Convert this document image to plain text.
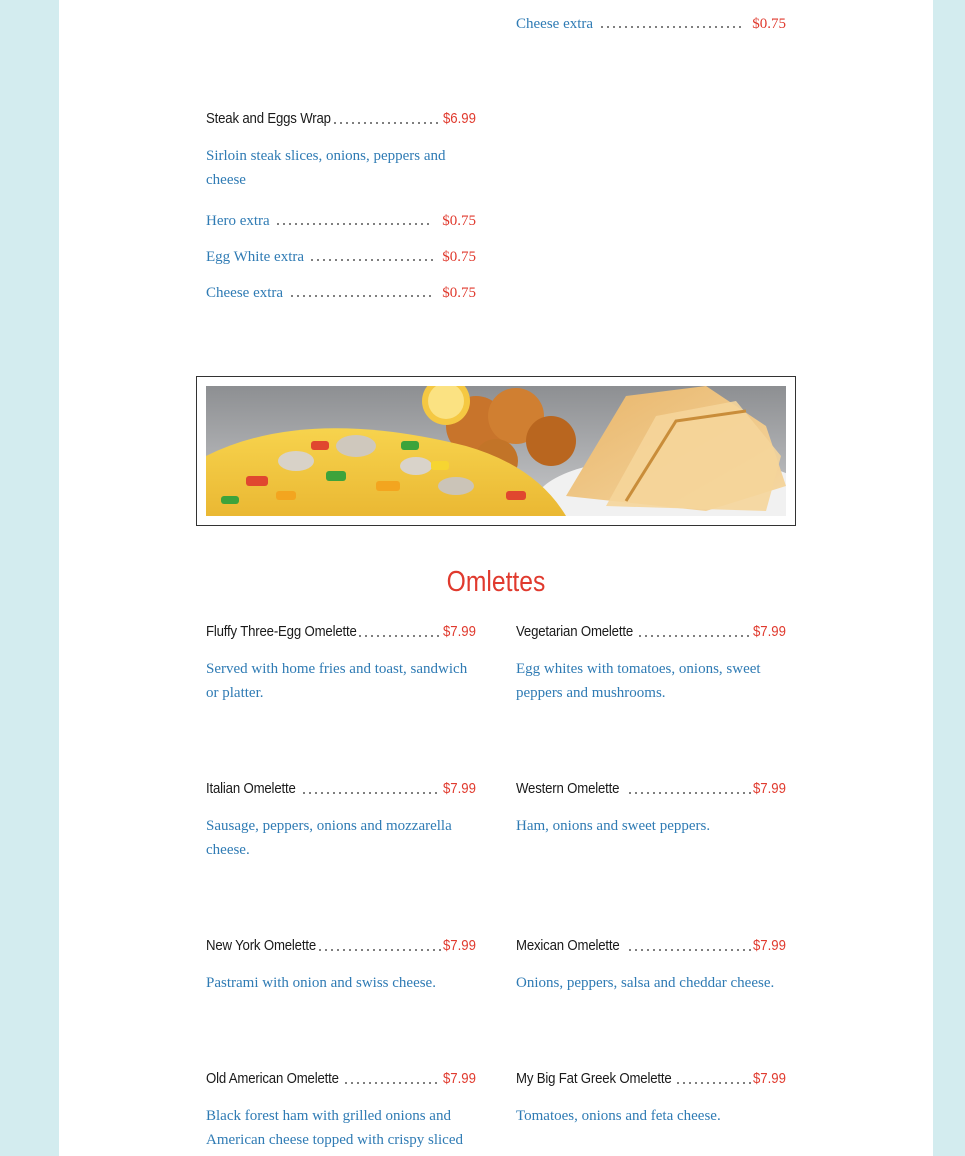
Cheese extra	$0.75
Steak and Eggs Wrap	$6.99
Sirloin steak slices, onions, peppers and cheese
Hero extra	$0.75
Egg White extra	$0.75
Cheese extra	$0.75
Omlettes
Fluffy Three-Egg Omelette	$7.99
Served with home fries and toast, sandwich or platter.
Vegetarian Omelette	$7.99
Egg whites with tomatoes, onions, sweet peppers and mushrooms.
Italian Omelette	$7.99
Sausage, peppers, onions and mozzarella cheese.
Western Omelette	$7.99
Ham, onions and sweet peppers.
New York Omelette	$7.99
Pastrami with onion and swiss cheese.
Mexican Omelette	$7.99
Onions, peppers, salsa and cheddar cheese.
Old American Omelette	$7.99
Black forest ham with grilled onions and American cheese topped with crispy sliced
My Big Fat Greek Omelette	$7.99
Tomatoes, onions and feta cheese.
